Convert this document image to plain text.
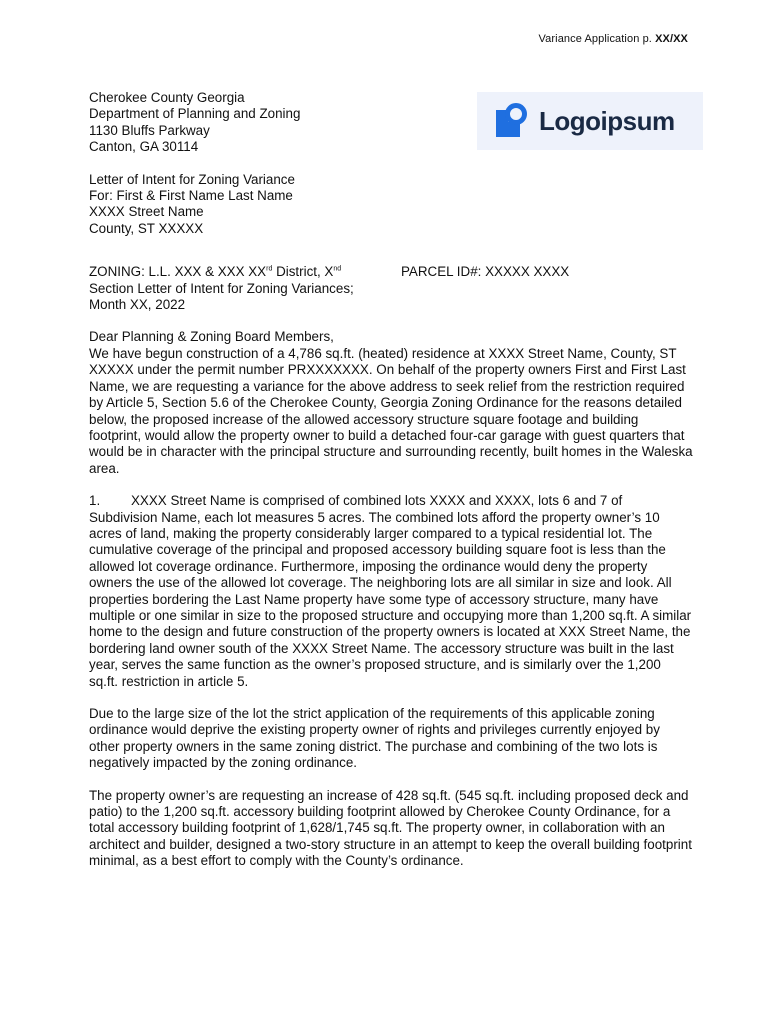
Variance Application p. XX/XX
Logoipsum
Cherokee County Georgia
Department of Planning and Zoning
1130 Bluffs Parkway
Canton, GA 30114
Letter of Intent for Zoning Variance
For: First & First Name Last Name
XXXX Street Name
County, ST XXXXX
ZONING: L.L. XXX & XXX XXrd District, Xnd	PARCEL ID#: XXXXX XXXX
Section Letter of Intent for Zoning Variances;
Month XX, 2022
Dear Planning & Zoning Board Members,

We have begun construction of a 4,786 sq.ft. (heated) residence at XXXX Street Name, County, ST XXXXX under the permit number PRXXXXXXX. On behalf of the property owners First and First Last Name, we are requesting a variance for the above address to seek relief from the restriction required by Article 5, Section 5.6 of the Cherokee County, Georgia Zoning Ordinance for the reasons detailed below, the proposed increase of the allowed accessory structure square footage and building footprint, would allow the property owner to build a detached four-car garage with guest quarters that would be in character with the principal structure and surrounding recently, built homes in the Waleska area.

1. XXXX Street Name is comprised of combined lots XXXX and XXXX, lots 6 and 7 of Subdivision Name, each lot measures 5 acres. The combined lots afford the property owner’s 10 acres of land, making the property considerably larger compared to a typical residential lot. The cumulative coverage of the principal and proposed accessory building square foot is less than the allowed lot coverage ordinance. Furthermore, imposing the ordinance would deny the property owners the use of the allowed lot coverage. The neighboring lots are all similar in size and look. All properties bordering the Last Name property have some type of accessory structure, many have multiple or one similar in size to the proposed structure and occupying more than 1,200 sq.ft. A similar home to the design and future construction of the property owners is located at XXX Street Name, the bordering land owner south of the XXXX Street Name. The accessory structure was built in the last year, serves the same function as the owner’s proposed structure, and is similarly over the 1,200 sq.ft. restriction in article 5.

Due to the large size of the lot the strict application of the requirements of this applicable zoning ordinance would deprive the existing property owner of rights and privileges currently enjoyed by other property owners in the same zoning district. The purchase and combining of the two lots is negatively impacted by the zoning ordinance.

The property owner’s are requesting an increase of 428 sq.ft. (545 sq.ft. including proposed deck and patio) to the 1,200 sq.ft. accessory building footprint allowed by Cherokee County Ordinance, for a total accessory building footprint of 1,628/1,745 sq.ft. The property owner, in collaboration with an architect and builder, designed a two-story structure in an attempt to keep the overall building footprint minimal, as a best effort to comply with the County’s ordinance.
